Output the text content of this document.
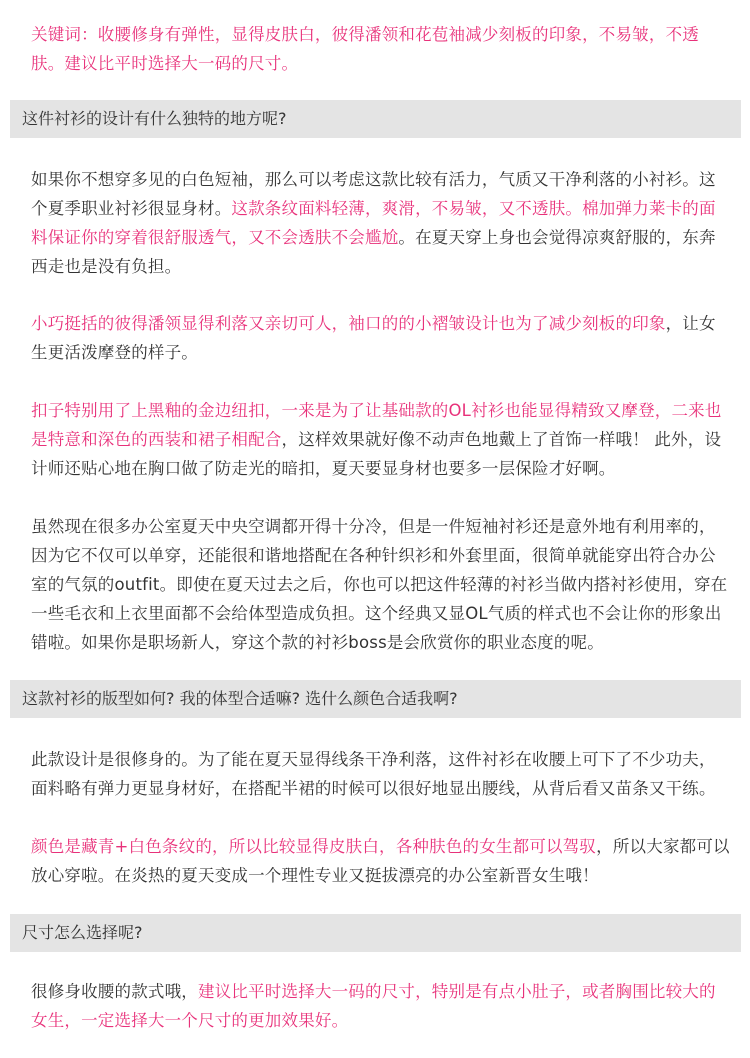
关键词：收腰修身有弹性，显得皮肤白，彼得潘领和花苞袖减少刻板的印象，不易皱，不透肤。建议比平时选择大一码的尺寸。
这件衬衫的设计有什么独特的地方呢?
如果你不想穿多见的白色短袖，那么可以考虑这款比较有活力，气质又干净利落的小衬衫。这个夏季职业衬衫很显身材。这款条纹面料轻薄，爽滑，不易皱，又不透肤。棉加弹力莱卡的面料保证你的穿着很舒服透气，又不会透肤不会尴尬。在夏天穿上身也会觉得凉爽舒服的，东奔西走也是没有负担。
小巧挺括的彼得潘领显得利落又亲切可人，袖口的的小褶皱设计也为了减少刻板的印象，让女生更活泼摩登的样子。
扣子特别用了上黑釉的金边纽扣，一来是为了让基础款的OL衬衫也能显得精致又摩登，二来也是特意和深色的西装和裙子相配合，这样效果就好像不动声色地戴上了首饰一样哦！ 此外，设计师还贴心地在胸口做了防走光的暗扣，夏天要显身材也要多一层保险才好啊。
虽然现在很多办公室夏天中央空调都开得十分冷，但是一件短袖衬衫还是意外地有利用率的，因为它不仅可以单穿，还能很和谐地搭配在各种针织衫和外套里面，很简单就能穿出符合办公室的气氛的outfit。即使在夏天过去之后，你也可以把这件轻薄的衬衫当做内搭衬衫使用，穿在一些毛衣和上衣里面都不会给体型造成负担。这个经典又显OL气质的样式也不会让你的形象出错啦。如果你是职场新人，穿这个款的衬衫boss是会欣赏你的职业态度的呢。
这款衬衫的版型如何? 我的体型合适嘛? 选什么颜色合适我啊?
此款设计是很修身的。为了能在夏天显得线条干净利落，这件衬衫在收腰上可下了不少功夫，面料略有弹力更显身材好，在搭配半裙的时候可以很好地显出腰线，从背后看又苗条又干练。
颜色是藏青+白色条纹的，所以比较显得皮肤白，各种肤色的女生都可以驾驭，所以大家都可以放心穿啦。在炎热的夏天变成一个理性专业又挺拔漂亮的办公室新晋女生哦！
尺寸怎么选择呢?
很修身收腰的款式哦，建议比平时选择大一码的尺寸，特别是有点小肚子，或者胸围比较大的女生，一定选择大一个尺寸的更加效果好。
